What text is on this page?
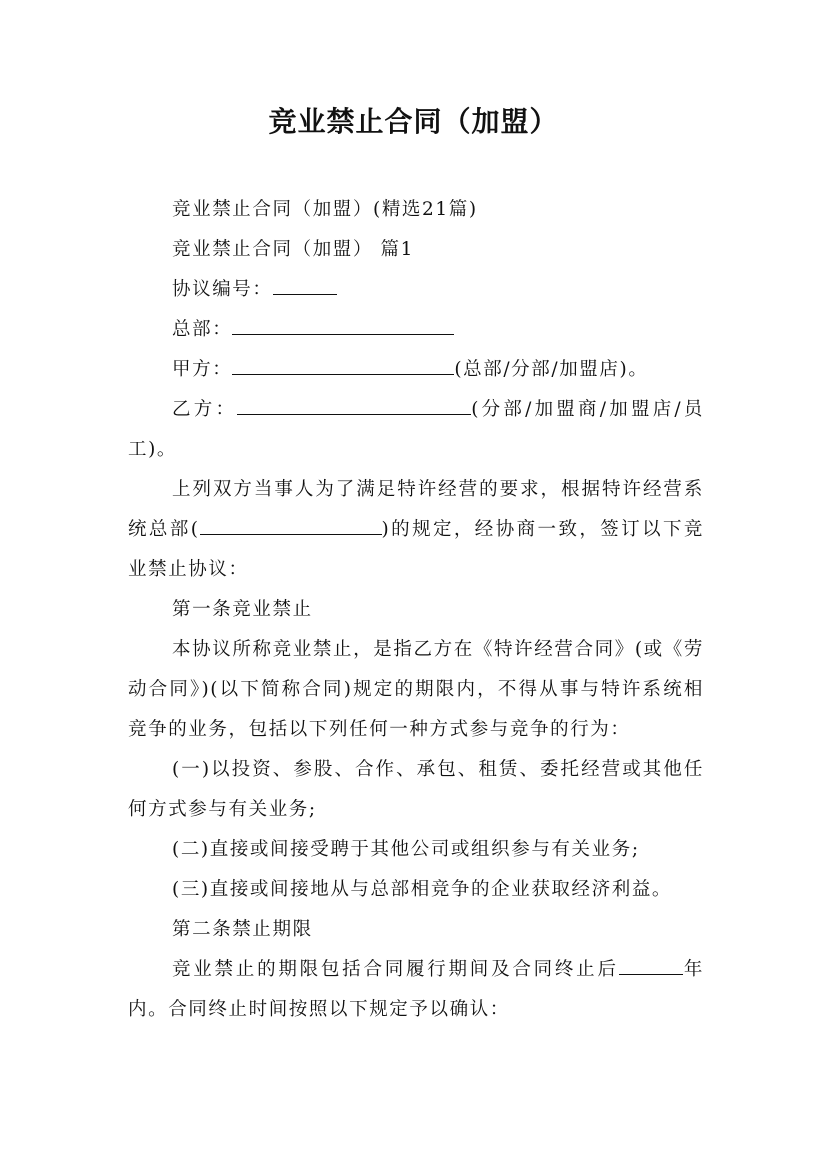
竞业禁止合同（加盟）

竞业禁止合同（加盟）(精选21篇)

竞业禁止合同（加盟） 篇1

协议编号：

总部：

甲方：	(总部/分部/加盟店)。

乙方：	(分部/加盟商/加盟店/员工)。

上列双方当事人为了满足特许经营的要求，根据特许经营系统总部(	)的规定，经协商一致，签订以下竞业禁止协议：

第一条竞业禁止

本协议所称竞业禁止，是指乙方在《特许经营合同》(或《劳动合同》)(以下简称合同)规定的期限内，不得从事与特许系统相竞争的业务，包括以下列任何一种方式参与竞争的行为：

(一)以投资、参股、合作、承包、租赁、委托经营或其他任何方式参与有关业务;

(二)直接或间接受聘于其他公司或组织参与有关业务;

(三)直接或间接地从与总部相竞争的企业获取经济利益。

第二条禁止期限

竞业禁止的期限包括合同履行期间及合同终止后	年内。合同终止时间按照以下规定予以确认：
